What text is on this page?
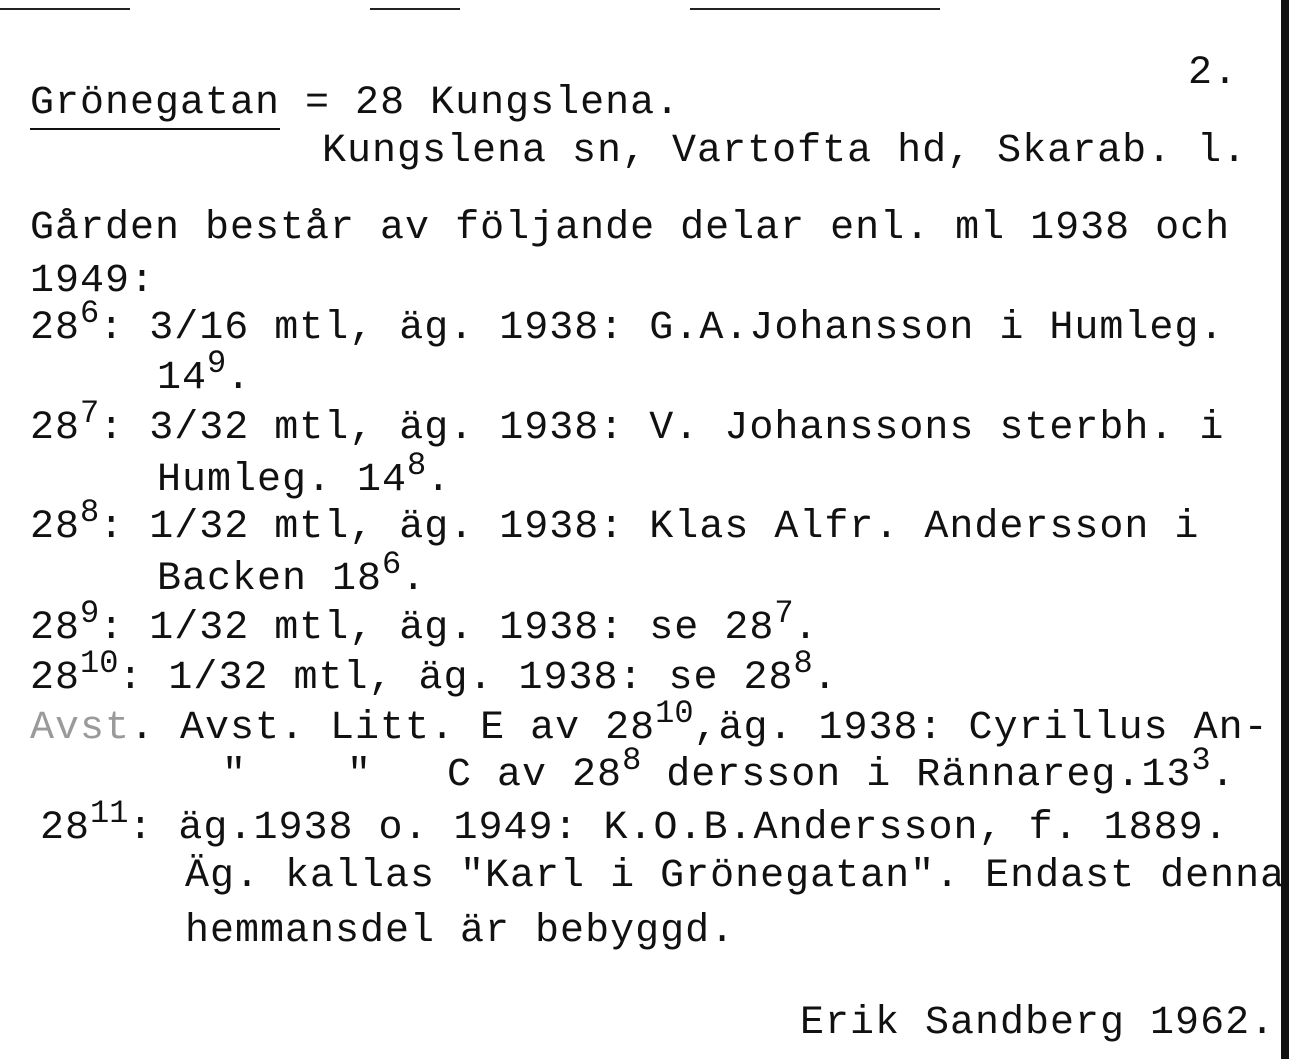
2.
Grönegatan = 28 Kungslena.
Kungslena sn, Vartofta hd, Skarab. l.
Gården består av följande delar enl. ml 1938 och
1949:
$28^6$: 3/16 mtl, äg. 1938: G.A.Johansson i Humleg.
$14^9$.
$28^7$: 3/32 mtl, äg. 1938: V. Johanssons sterbh. i
Humleg. $14^8$.
$28^8$: 1/32 mtl, äg. 1938: Klas Alfr. Andersson i
Backen $18^6$.
$28^9$: 1/32 mtl, äg. 1938: se $28^7$.
$28^{10}$: 1/32 mtl, äg. 1938: se $28^8$.
Avst. Avst. Litt. E av $28^{10},äg$. 1938: Cyrillus An-
"    "   C av $28^8$ dersson i $Rännareg.13^3$.
$28^{11}$: äg.1938 o. 1949: K.O.B.Andersson, f. 1889.
Äg. kallas "Karl i Grönegatan". Endast denna
hemmansdel är bebyggd.
Erik Sandberg 1962.
